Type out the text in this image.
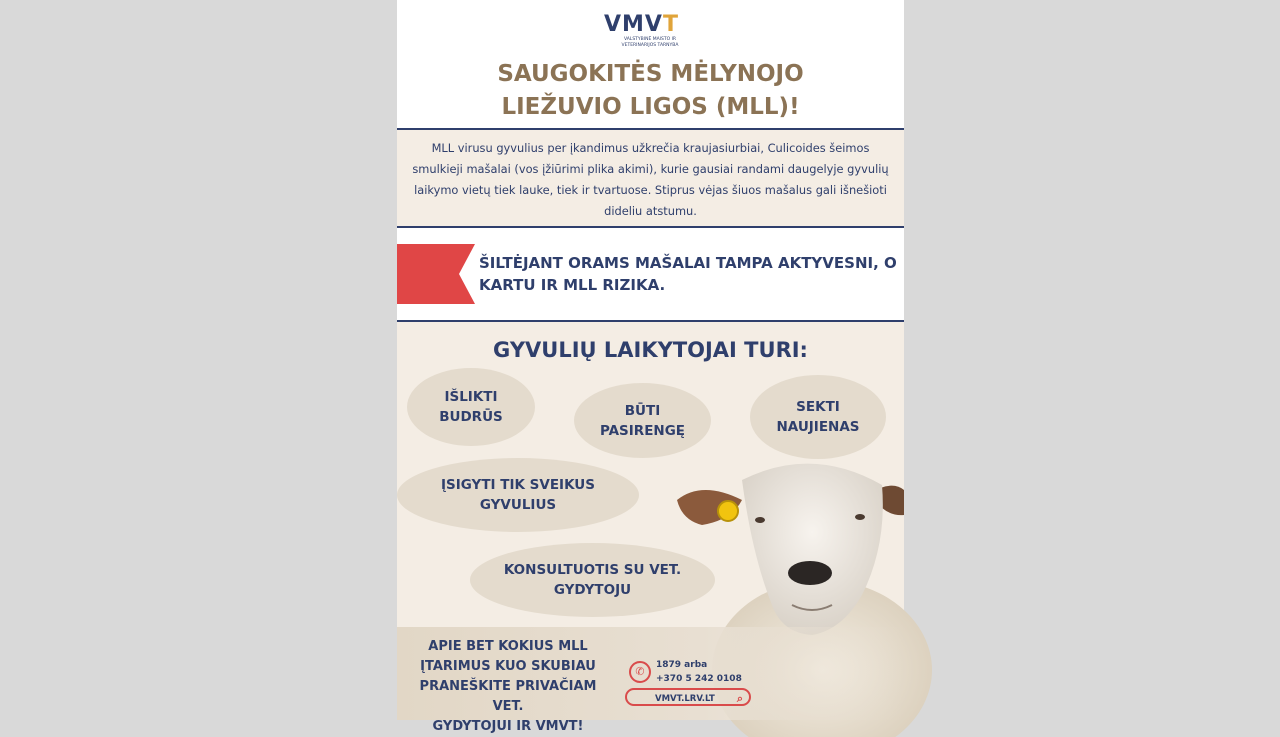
VMVT
VALSTYBINĖ MAISTO IR
VETERINARIJOS TARNYBA
SAUGOKITĖS MĖLYNOJO
LIEŽUVIO LIGOS (MLL)!

MLL virusu gyvulius per įkandimus užkrečia kraujasiurbiai, Culicoides šeimos smulkieji mašalai (vos įžiūrimi plika akimi), kurie gausiai randami daugelyje gyvulių laikymo vietų tiek lauke, tiek ir tvartuose. Stiprus vėjas šiuos mašalus gali išnešioti dideliu atstumu.

ŠILTĖJANT ORAMS MAŠALAI TAMPA AKTYVESNI, O
KARTU IR MLL RIZIKA.
GYVULIŲ LAIKYTOJAI TURI:
IŠLIKTI
BUDRŪS	BŪTI
PASIRENGĘ
SEKTI
NAUJIENAS
ĮSIGYTI TIK SVEIKUS
GYVULIUS
KONSULTUOTIS SU VET.
GYDYTOJU
APIE BET KOKIUS MLL
ĮTARIMUS KUO SKUBIAU
PRANEŠKITE PRIVAČIAM VET.
GYDYTOJUI IR VMVT!
✆	1879 arba
+370 5 242 0108
VMVT.LRV.LT ⌕
